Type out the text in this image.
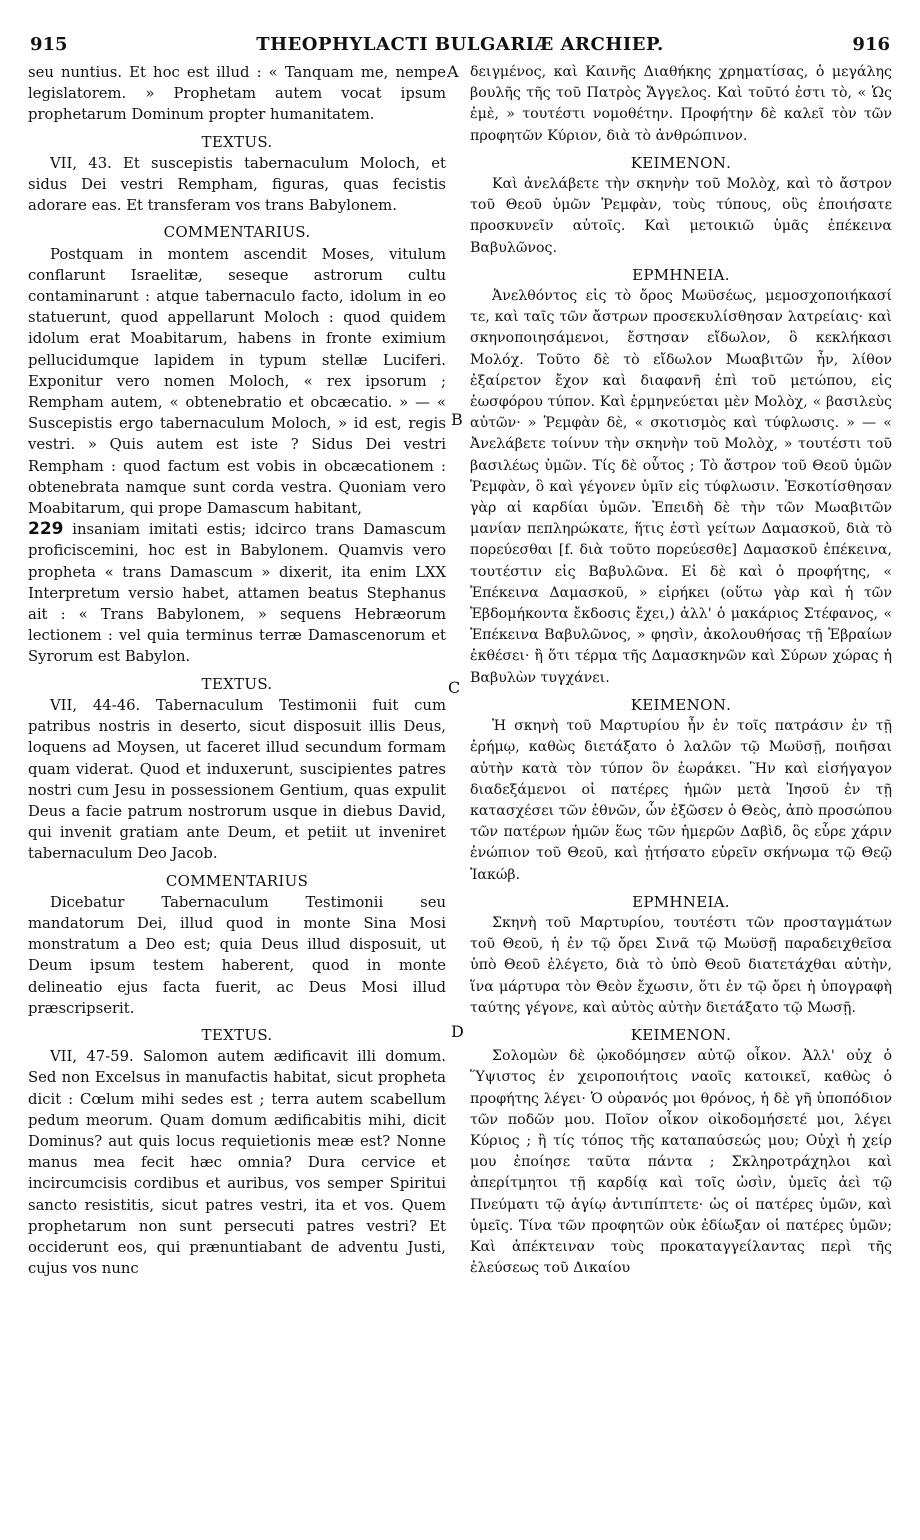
915	THEOPHYLACTI BULGARIÆ ARCHIEP.	916
A
B
C
D

seu nuntius. Et hoc est illud : « Tanquam me, nempe legislatorem. » Prophetam autem vocat ipsum prophetarum Dominum propter humanitatem.

TEXTUS.

VII, 43. Et suscepistis tabernaculum Moloch, et sidus Dei vestri Rempham, figuras, quas fecistis adorare eas. Et transferam vos trans Babylonem.

COMMENTARIUS.

Postquam in montem ascendit Moses, vitulum conflarunt Israelitæ, seseque astrorum cultu contaminarunt : atque tabernaculo facto, idolum in eo statuerunt, quod appellarunt Moloch : quod quidem idolum erat Moabitarum, habens in fronte eximium pellucidumque lapidem in typum stellæ Luciferi. Exponitur vero nomen Moloch, « rex ipsorum ; Rempham autem, « obtenebratio et obcæcatio. » — « Suscepistis ergo tabernaculum Moloch, » id est, regis vestri. » Quis autem est iste ? Sidus Dei vestri Rempham : quod factum est vobis in obcæcationem : obtenebrata namque sunt corda vestra. Quoniam vero Moabitarum, qui prope Damascum habitant,

229 insaniam imitati estis; idcirco trans Damascum proficiscemini, hoc est in Babylonem. Quamvis vero propheta « trans Damascum » dixerit, ita enim LXX Interpretum versio habet, attamen beatus Stephanus ait : « Trans Babylonem, » sequens Hebræorum lectionem : vel quia terminus terræ Damascenorum et Syrorum est Babylon.

TEXTUS.

VII, 44-46. Tabernaculum Testimonii fuit cum patribus nostris in deserto, sicut disposuit illis Deus, loquens ad Moysen, ut faceret illud secundum formam quam viderat. Quod et induxerunt, suscipientes patres nostri cum Jesu in possessionem Gentium, quas expulit Deus a facie patrum nostrorum usque in diebus David, qui invenit gratiam ante Deum, et petiit ut inveniret tabernaculum Deo Jacob.

COMMENTARIUS

Dicebatur Tabernaculum Testimonii seu mandatorum Dei, illud quod in monte Sina Mosi monstratum a Deo est; quia Deus illud disposuit, ut Deum ipsum testem haberent, quod in monte delineatio ejus facta fuerit, ac Deus Mosi illud præscripserit.

TEXTUS.

VII, 47-59. Salomon autem ædificavit illi domum. Sed non Excelsus in manufactis habitat, sicut propheta dicit : Cœlum mihi sedes est ; terra autem scabellum pedum meorum. Quam domum ædificabitis mihi, dicit Dominus? aut quis locus requietionis meæ est? Nonne manus mea fecit hæc omnia? Dura cervice et incircumcisis cordibus et auribus, vos semper Spiritui sancto resistitis, sicut patres vestri, ita et vos. Quem prophetarum non sunt persecuti patres vestri? Et occiderunt eos, qui prænuntiabant de adventu Justi, cujus vos nunc

δειγμένος, καὶ Καινῆς Διαθήκης χρηματίσας, ὁ μεγάλης βουλῆς τῆς τοῦ Πατρὸς Ἄγγελος. Καὶ τοῦτό ἐστι τὸ, « Ὡς ἐμὲ, » τουτέστι νομοθέτην. Προφήτην δὲ καλεῖ τὸν τῶν προφητῶν Κύριον, διὰ τὸ ἀνθρώπινον.

ΚΕΙΜΕΝΟΝ.

Καὶ ἀνελάβετε τὴν σκηνὴν τοῦ Μολὸχ, καὶ τὸ ἄστρον τοῦ Θεοῦ ὑμῶν Ῥεμφὰν, τοὺς τύπους, οὓς ἐποιήσατε προσκυνεῖν αὐτοῖς. Καὶ μετοικιῶ ὑμᾶς ἐπέκεινα Βαβυλῶνος.

ΕΡΜΗΝΕΙΑ.

Ἀνελθόντος εἰς τὸ ὄρος Μωϋσέως, μεμοσχοποιήκασί τε, καὶ ταῖς τῶν ἄστρων προσεκυλίσθησαν λατρείαις· καὶ σκηνοποιησάμενοι, ἔστησαν εἴδωλον, ὃ κεκλήκασι Μολόχ. Τοῦτο δὲ τὸ εἴδωλον Μωαβιτῶν ἦν, λίθον ἐξαίρετον ἔχον καὶ διαφανῆ ἐπὶ τοῦ μετώπου, εἰς ἑωσφόρου τύπον. Καὶ ἑρμηνεύεται μὲν Μολὸχ, « βασιλεὺς αὐτῶν· » Ῥεμφὰν δὲ, « σκοτισμὸς καὶ τύφλωσις. » — « Ἀνελάβετε τοίνυν τὴν σκηνὴν τοῦ Μολὸχ, » τουτέστι τοῦ βασιλέως ὑμῶν. Τίς δὲ οὗτος ; Τὸ ἄστρον τοῦ Θεοῦ ὑμῶν Ῥεμφὰν, ὃ καὶ γέγονεν ὑμῖν εἰς τύφλωσιν. Ἐσκοτίσθησαν γὰρ αἱ καρδίαι ὑμῶν. Ἐπειδὴ δὲ τὴν τῶν Μωαβιτῶν μανίαν πεπληρώκατε, ἥτις ἐστὶ γείτων Δαμασκοῦ, διὰ τὸ πορεύεσθαι [f. διὰ τοῦτο πορεύεσθε] Δαμασκοῦ ἐπέκεινα, τουτέστιν εἰς Βαβυλῶνα. Εἰ δὲ καὶ ὁ προφήτης, « Ἐπέκεινα Δαμασκοῦ, » εἰρήκει (οὕτω γὰρ καὶ ἡ τῶν Ἑβδομήκοντα ἔκδοσις ἔχει,) ἀλλ' ὁ μακάριος Στέφανος, « Ἐπέκεινα Βαβυλῶνος, » φησὶν, ἀκολουθήσας τῇ Ἑβραίων ἐκθέσει· ἢ ὅτι τέρμα τῆς Δαμασκηνῶν καὶ Σύρων χώρας ἡ Βαβυλὼν τυγχάνει.

ΚΕΙΜΕΝΟΝ.

Ἡ σκηνὴ τοῦ Μαρτυρίου ἦν ἐν τοῖς πατράσιν ἐν τῇ ἐρήμῳ, καθὼς διετάξατο ὁ λαλῶν τῷ Μωϋσῇ, ποιῆσαι αὐτὴν κατὰ τὸν τύπον ὃν ἑωράκει. Ἣν καὶ εἰσήγαγον διαδεξάμενοι οἱ πατέρες ἡμῶν μετὰ Ἰησοῦ ἐν τῇ κατασχέσει τῶν ἐθνῶν, ὧν ἐξῶσεν ὁ Θεὸς, ἀπὸ προσώπου τῶν πατέρων ἡμῶν ἕως τῶν ἡμερῶν Δαβὶδ, ὃς εὗρε χάριν ἐνώπιον τοῦ Θεοῦ, καὶ ᾐτήσατο εὑρεῖν σκήνωμα τῷ Θεῷ Ἰακώβ.

ΕΡΜΗΝΕΙΑ.

Σκηνὴ τοῦ Μαρτυρίου, τουτέστι τῶν προσταγμάτων τοῦ Θεοῦ, ἡ ἐν τῷ ὄρει Σινᾶ τῷ Μωϋσῇ παραδειχθεῖσα ὑπὸ Θεοῦ ἐλέγετο, διὰ τὸ ὑπὸ Θεοῦ διατετάχθαι αὐτὴν, ἵνα μάρτυρα τὸν Θεὸν ἔχωσιν, ὅτι ἐν τῷ ὄρει ἡ ὑπογραφὴ ταύτης γέγονε, καὶ αὐτὸς αὐτὴν διετάξατο τῷ Μωσῇ.

ΚΕΙΜΕΝΟΝ.

Σολομὼν δὲ ᾠκοδόμησεν αὐτῷ οἶκον. Ἀλλ' οὐχ ὁ Ὕψιστος ἐν χειροποιήτοις ναοῖς κατοικεῖ, καθὼς ὁ προφήτης λέγει· Ὁ οὐρανός μοι θρόνος, ἡ δὲ γῆ ὑποπόδιον τῶν ποδῶν μου. Ποῖον οἶκον οἰκοδομήσετέ μοι, λέγει Κύριος ; ἢ τίς τόπος τῆς καταπαύσεώς μου; Οὐχὶ ἡ χείρ μου ἐποίησε ταῦτα πάντα ; Σκληροτράχηλοι καὶ ἀπερίτμητοι τῇ καρδίᾳ καὶ τοῖς ὠσὶν, ὑμεῖς ἀεὶ τῷ Πνεύματι τῷ ἁγίῳ ἀντιπίπτετε· ὡς οἱ πατέρες ὑμῶν, καὶ ὑμεῖς. Τίνα τῶν προφητῶν οὐκ ἐδίωξαν οἱ πατέρες ὑμῶν; Καὶ ἀπέκτειναν τοὺς προκαταγγείλαντας περὶ τῆς ἐλεύσεως τοῦ Δικαίου
